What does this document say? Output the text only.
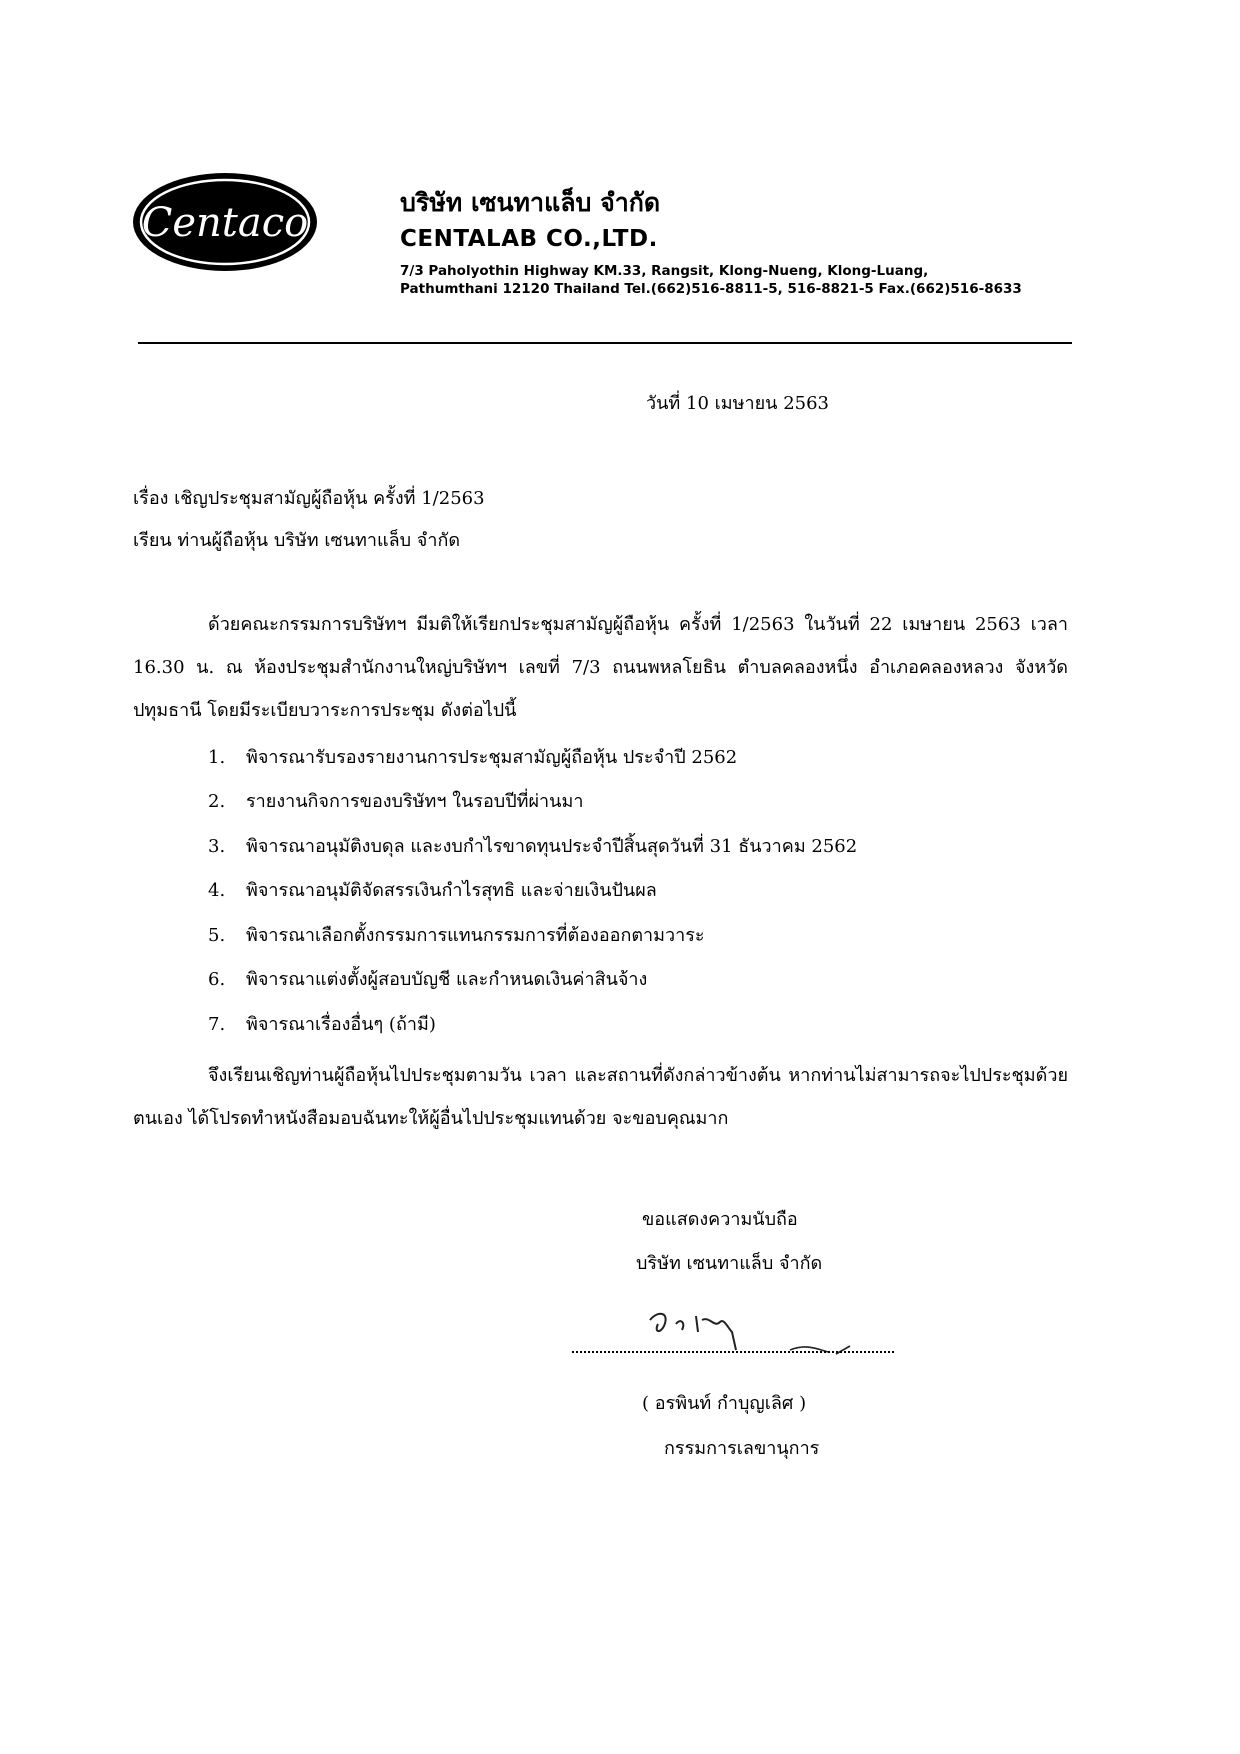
Centaco	บริษัท เซนทาแล็บ จำกัด
CENTALAB CO.,LTD.
7/3 Paholyothin Highway KM.33, Rangsit, Klong-Nueng, Klong-Luang,
Pathumthani 12120 Thailand Tel.(662)516-8811-5, 516-8821-5 Fax.(662)516-8633
วันที่ 10 เมษายน 2563
เรื่อง เชิญประชุมสามัญผู้ถือหุ้น ครั้งที่ 1/2563
เรียน ท่านผู้ถือหุ้น บริษัท เซนทาแล็บ จำกัด
ด้วยคณะกรรมการบริษัทฯ มีมติให้เรียกประชุมสามัญผู้ถือหุ้น ครั้งที่ 1/2563 ในวันที่ 22 เมษายน 2563 เวลา 16.30 น. ณ ห้องประชุมสำนักงานใหญ่บริษัทฯ เลขที่ 7/3 ถนนพหลโยธิน ตำบลคลองหนึ่ง อำเภอคลองหลวง จังหวัดปทุมธานี โดยมีระเบียบวาระการประชุม ดังต่อไปนี้
1. พิจารณารับรองรายงานการประชุมสามัญผู้ถือหุ้น ประจำปี 2562
2. รายงานกิจการของบริษัทฯ ในรอบปีที่ผ่านมา
3. พิจารณาอนุมัติงบดุล และงบกำไรขาดทุนประจำปีสิ้นสุดวันที่ 31 ธันวาคม 2562
4. พิจารณาอนุมัติจัดสรรเงินกำไรสุทธิ และจ่ายเงินปันผล
5. พิจารณาเลือกตั้งกรรมการแทนกรรมการที่ต้องออกตามวาระ
6. พิจารณาแต่งตั้งผู้สอบบัญชี และกำหนดเงินค่าสินจ้าง
7. พิจารณาเรื่องอื่นๆ (ถ้ามี)
จึงเรียนเชิญท่านผู้ถือหุ้นไปประชุมตามวัน เวลา และสถานที่ดังกล่าวข้างต้น หากท่านไม่สามารถจะไปประชุมด้วยตนเอง ได้โปรดทำหนังสือมอบฉันทะให้ผู้อื่นไปประชุมแทนด้วย จะขอบคุณมาก
ขอแสดงความนับถือ
บริษัท เซนทาแล็บ จำกัด
( อรพินท์ กำบุญเลิศ )
กรรมการเลขานุการ
